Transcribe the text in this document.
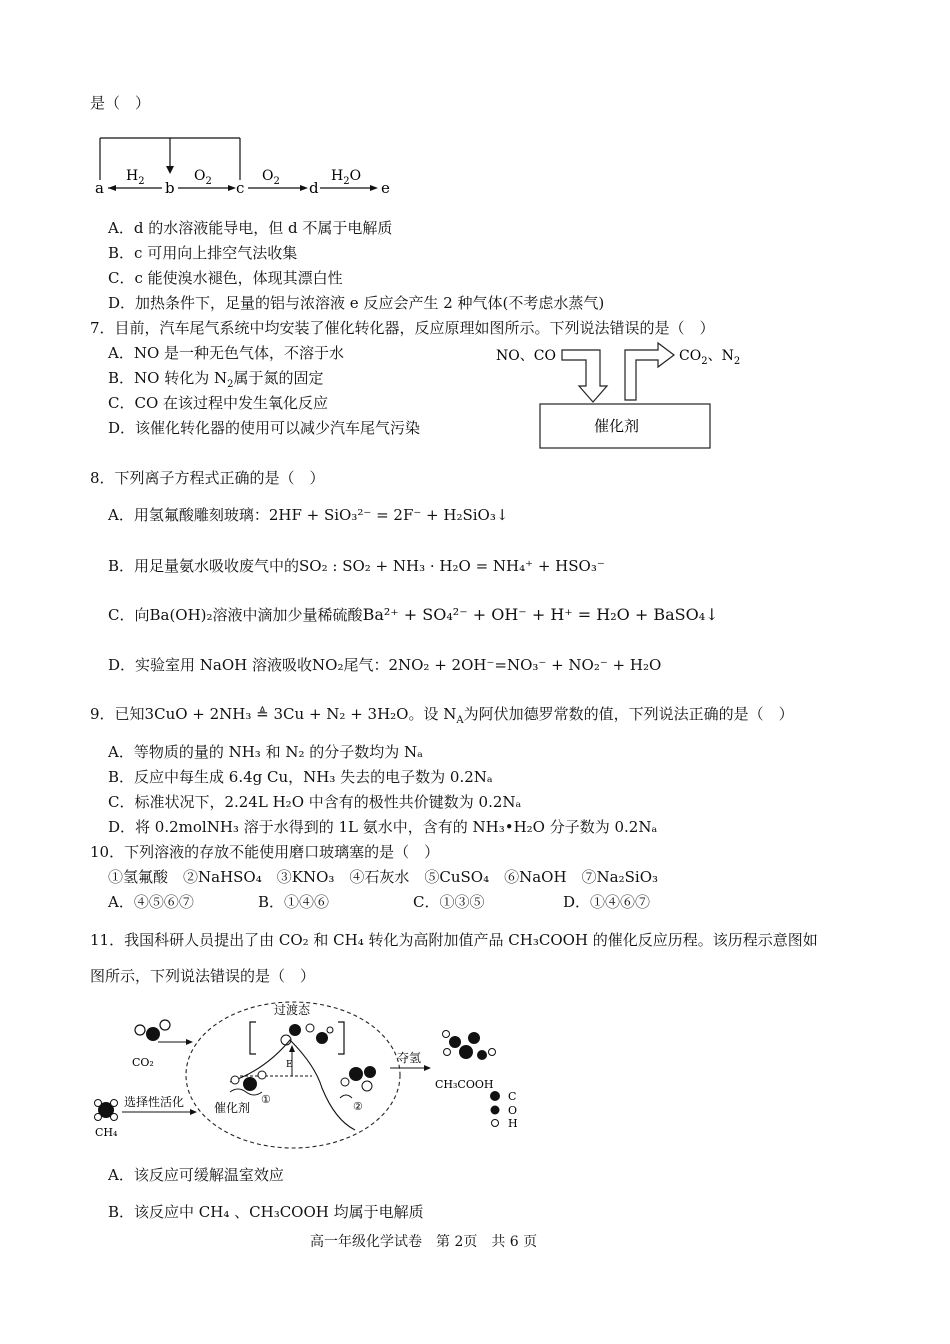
是（　）
a	b	c	d	e
$H_2$	$O_2$	$O_2$	$H_2O$
A．d 的水溶液能导电，但 d 不属于电解质
B．c 可用向上排空气法收集
C．c 能使溴水褪色，体现其漂白性
D．加热条件下，足量的铝与浓溶液 e 反应会产生 2 种气体(不考虑水蒸气)
7．目前，汽车尾气系统中均安装了催化转化器，反应原理如图所示。下列说法错误的是（　）
A．NO 是一种无色气体，不溶于水
B．NO 转化为 $N_2$属于氮的固定
C．CO 在该过程中发生氧化反应
D．该催化转化器的使用可以减少汽车尾气污染
NO、CO	$CO_2$、$N_2$
催化剂
8．下列离子方程式正确的是（　）
A．用氢氟酸雕刻玻璃：2HF + SiO₃²⁻ = 2F⁻ + H₂SiO₃↓
B．用足量氨水吸收废气中的SO₂ : SO₂ + NH₃ · H₂O = NH₄⁺ + HSO₃⁻
C．向Ba(OH)₂溶液中滴加少量稀硫酸Ba²⁺ + SO₄²⁻ + OH⁻ + H⁺ = H₂O + BaSO₄↓
D．实验室用 NaOH 溶液吸收NO₂尾气：2NO₂ + 2OH⁻=NO₃⁻ + NO₂⁻ + H₂O
9．已知3CuO + 2NH₃ ≜ 3Cu + N₂ + 3H₂O。设 $N_A$为阿伏加德罗常数的值，下列说法正确的是（　）
A．等物质的量的 NH₃ 和 N₂ 的分子数均为 Nₐ
B．反应中每生成 6.4g Cu，NH₃ 失去的电子数为 0.2Nₐ
C．标准状况下，2.24L H₂O 中含有的极性共价键数为 0.2Nₐ
D．将 0.2molNH₃ 溶于水得到的 1L 氨水中，含有的 NH₃•H₂O 分子数为 0.2Nₐ
10．下列溶液的存放不能使用磨口玻璃塞的是（　）
①氢氟酸　②NaHSO₄　③KNO₃　④石灰水　⑤CuSO₄　⑥NaOH　⑦Na₂SiO₃
A．④⑤⑥⑦	B．①④⑥	C．①③⑤	D．①④⑥⑦
11．我国科研人员提出了由 CO₂ 和 CH₄ 转化为高附加值产品 CH₃COOH 的催化反应历程。该历程示意图如
图所示，下列说法错误的是（　）
CO₂
CH₄
选择性活化
过渡态
E
催化剂
①
②
夺氢
CH₃COOH
C
O
H
A．该反应可缓解温室效应
B．该反应中 CH₄ 、CH₃COOH 均属于电解质
高一年级化学试卷　第 2页　共 6 页
